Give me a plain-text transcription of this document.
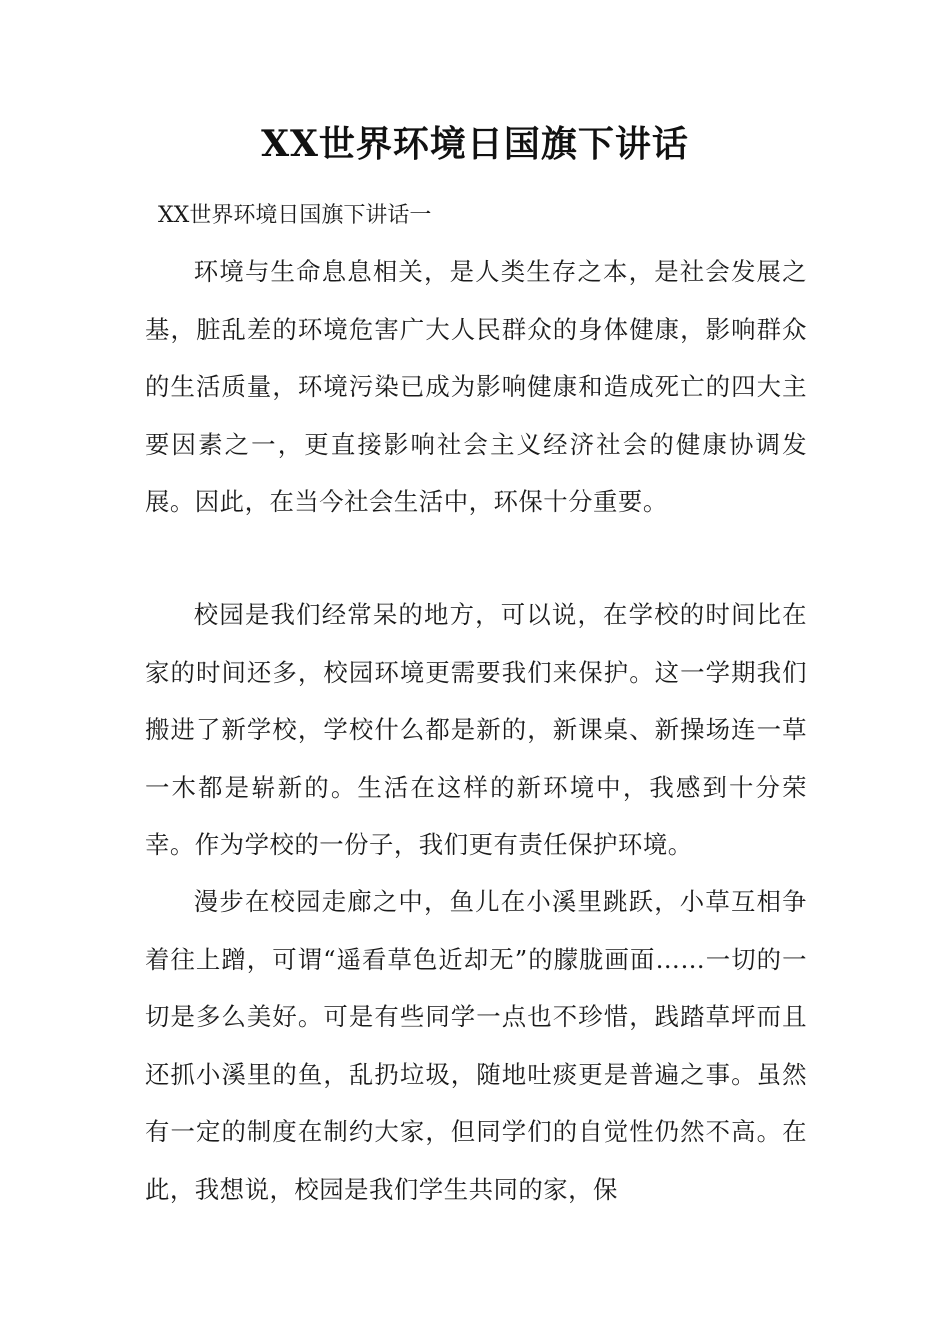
XX世界环境日国旗下讲话
XX世界环境日国旗下讲话一

环境与生命息息相关，是人类生存之本，是社会发展之基，脏乱差的环境危害广大人民群众的身体健康，影响群众的生活质量，环境污染已成为影响健康和造成死亡的四大主要因素之一，更直接影响社会主义经济社会的健康协调发展。因此，在当今社会生活中，环保十分重要。

校园是我们经常呆的地方，可以说，在学校的时间比在家的时间还多，校园环境更需要我们来保护。这一学期我们搬进了新学校，学校什么都是新的，新课桌、新操场连一草一木都是崭新的。生活在这样的新环境中，我感到十分荣幸。作为学校的一份子，我们更有责任保护环境。

漫步在校园走廊之中，鱼儿在小溪里跳跃，小草互相争着往上蹭，可谓“遥看草色近却无”的朦胧画面……一切的一切是多么美好。可是有些同学一点也不珍惜，践踏草坪而且还抓小溪里的鱼，乱扔垃圾，随地吐痰更是普遍之事。虽然有一定的制度在制约大家，但同学们的自觉性仍然不高。在此，我想说，校园是我们学生共同的家，保
